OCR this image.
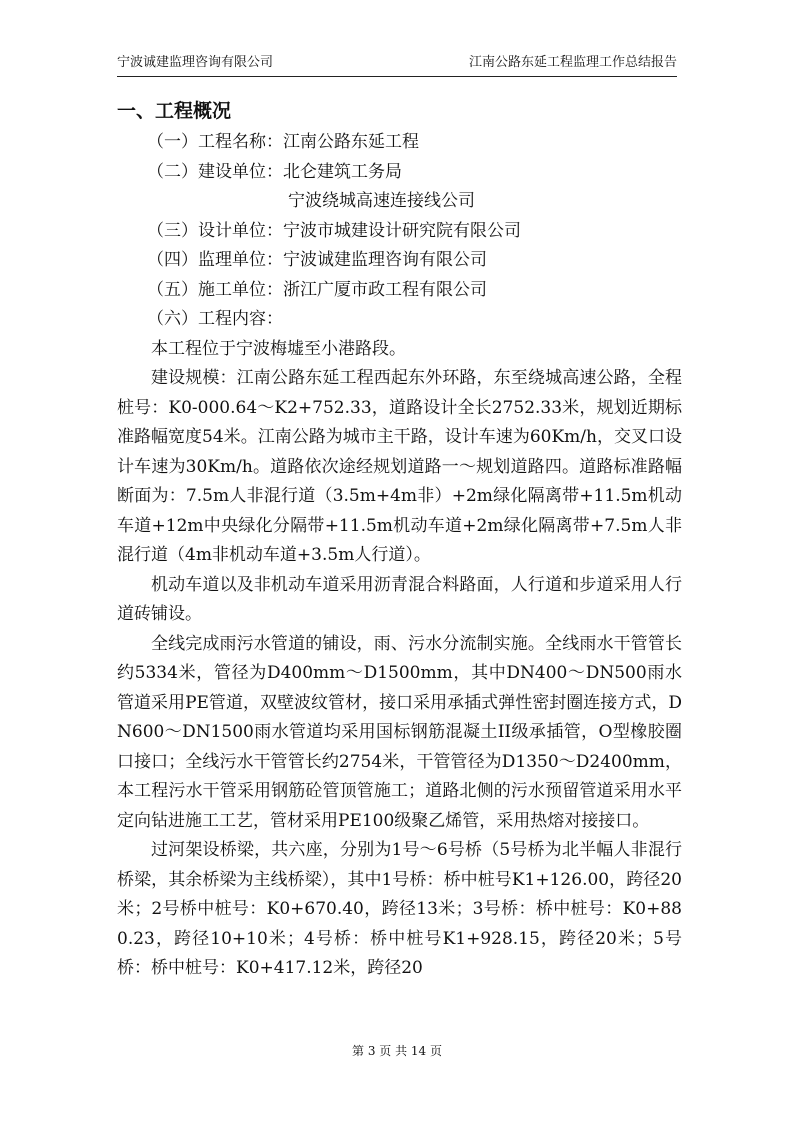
宁波诚建监理咨询有限公司	江南公路东延工程监理工作总结报告
一、工程概况
（一）工程名称：江南公路东延工程
（二）建设单位：北仑建筑工务局
宁波绕城高速连接线公司
（三）设计单位：宁波市城建设计研究院有限公司
（四）监理单位：宁波诚建监理咨询有限公司
（五）施工单位：浙江广厦市政工程有限公司
（六）工程内容：

本工程位于宁波梅墟至小港路段。

建设规模：江南公路东延工程西起东外环路，东至绕城高速公路，全程桩号：K0-000.64～K2+752.33，道路设计全长2752.33米，规划近期标准路幅宽度54米。江南公路为城市主干路，设计车速为60Km/h，交叉口设计车速为30Km/h。道路依次途经规划道路一～规划道路四。道路标准路幅断面为：7.5m人非混行道（3.5m+4m非）+2m绿化隔离带+11.5m机动车道+12m中央绿化分隔带+11.5m机动车道+2m绿化隔离带+7.5m人非混行道（4m非机动车道+3.5m人行道）。

机动车道以及非机动车道采用沥青混合料路面，人行道和步道采用人行道砖铺设。

全线完成雨污水管道的铺设，雨、污水分流制实施。全线雨水干管管长约5334米，管径为D400mm～D1500mm，其中DN400～DN500雨水管道采用PE管道，双壁波纹管材，接口采用承插式弹性密封圈连接方式，DN600～DN1500雨水管道均采用国标钢筋混凝土II级承插管，O型橡胶圈口接口；全线污水干管管长约2754米，干管管径为D1350～D2400mm，本工程污水干管采用钢筋砼管顶管施工；道路北侧的污水预留管道采用水平定向钻进施工工艺，管材采用PE100级聚乙烯管，采用热熔对接接口。

过河架设桥梁，共六座，分别为1号～6号桥（5号桥为北半幅人非混行桥梁，其余桥梁为主线桥梁），其中1号桥：桥中桩号K1+126.00，跨径20米；2号桥中桩号：K0+670.40，跨径13米；3号桥：桥中桩号：K0+880.23，跨径10+10米；4号桥：桥中桩号K1+928.15，跨径20米；5号桥：桥中桩号：K0+417.12米，跨径20

第 3 页 共 14 页
